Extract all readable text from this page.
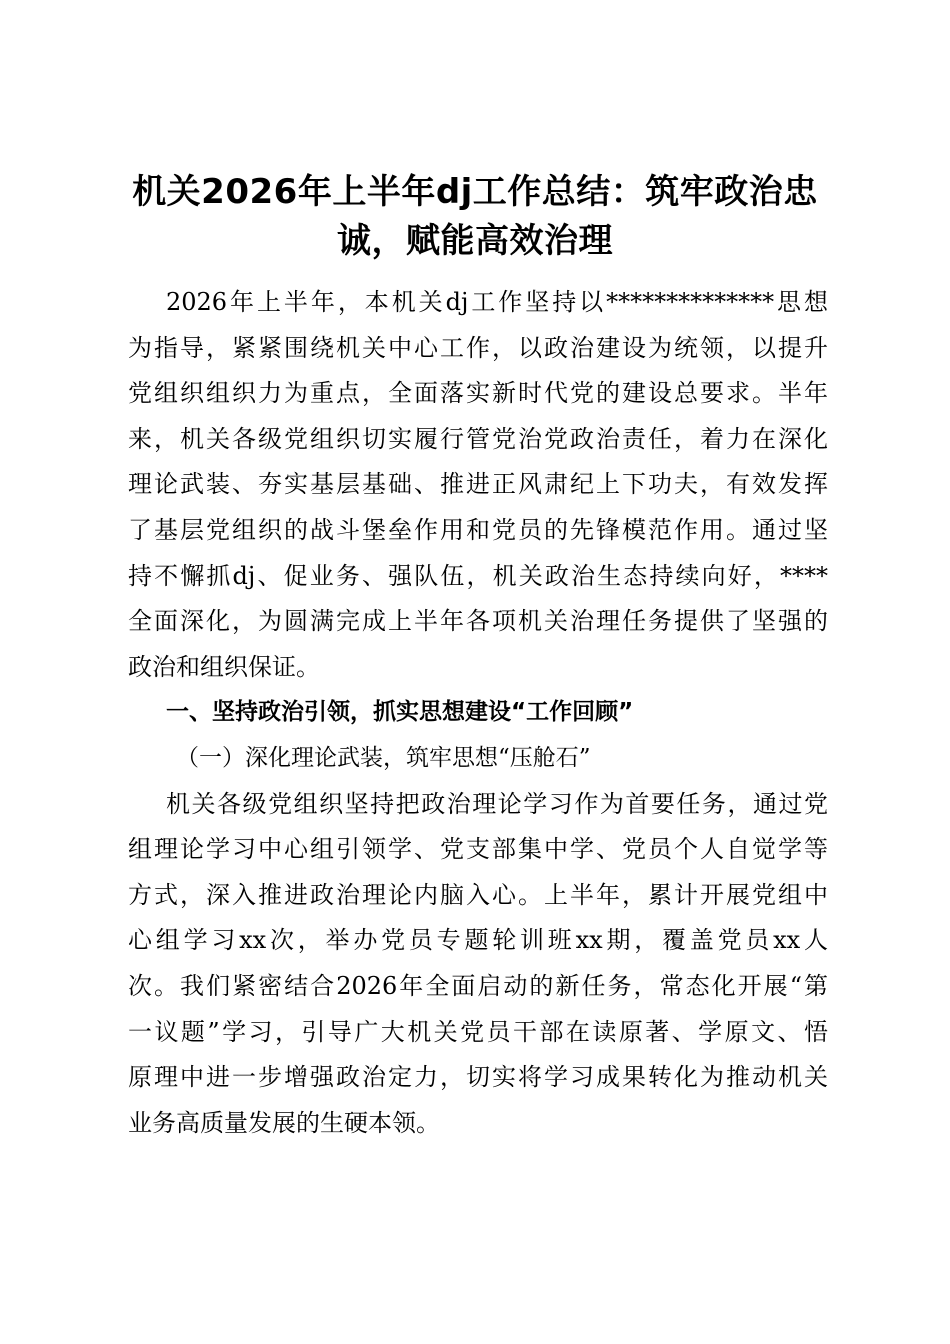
机关2026年上半年dj工作总结：筑牢政治忠
诚，赋能高效治理
2026年上半年，本机关dj工作坚持以**************思想
为指导，紧紧围绕机关中心工作，以政治建设为统领，以提升
党组织组织力为重点，全面落实新时代党的建设总要求。半年
来，机关各级党组织切实履行管党治党政治责任，着力在深化
理论武装、夯实基层基础、推进正风肃纪上下功夫，有效发挥
了基层党组织的战斗堡垒作用和党员的先锋模范作用。通过坚
持不懈抓dj、促业务、强队伍，机关政治生态持续向好，****
全面深化，为圆满完成上半年各项机关治理任务提供了坚强的
政治和组织保证。
一、坚持政治引领，抓实思想建设“工作回顾”
（一）深化理论武装，筑牢思想“压舱石”
机关各级党组织坚持把政治理论学习作为首要任务，通过党
组理论学习中心组引领学、党支部集中学、党员个人自觉学等
方式，深入推进政治理论内脑入心。上半年，累计开展党组中
心组学习xx次，举办党员专题轮训班xx期，覆盖党员xx人
次。我们紧密结合2026年全面启动的新任务，常态化开展“第
一议题”学习，引导广大机关党员干部在读原著、学原文、悟
原理中进一步增强政治定力，切实将学习成果转化为推动机关
业务高质量发展的生硬本领。
